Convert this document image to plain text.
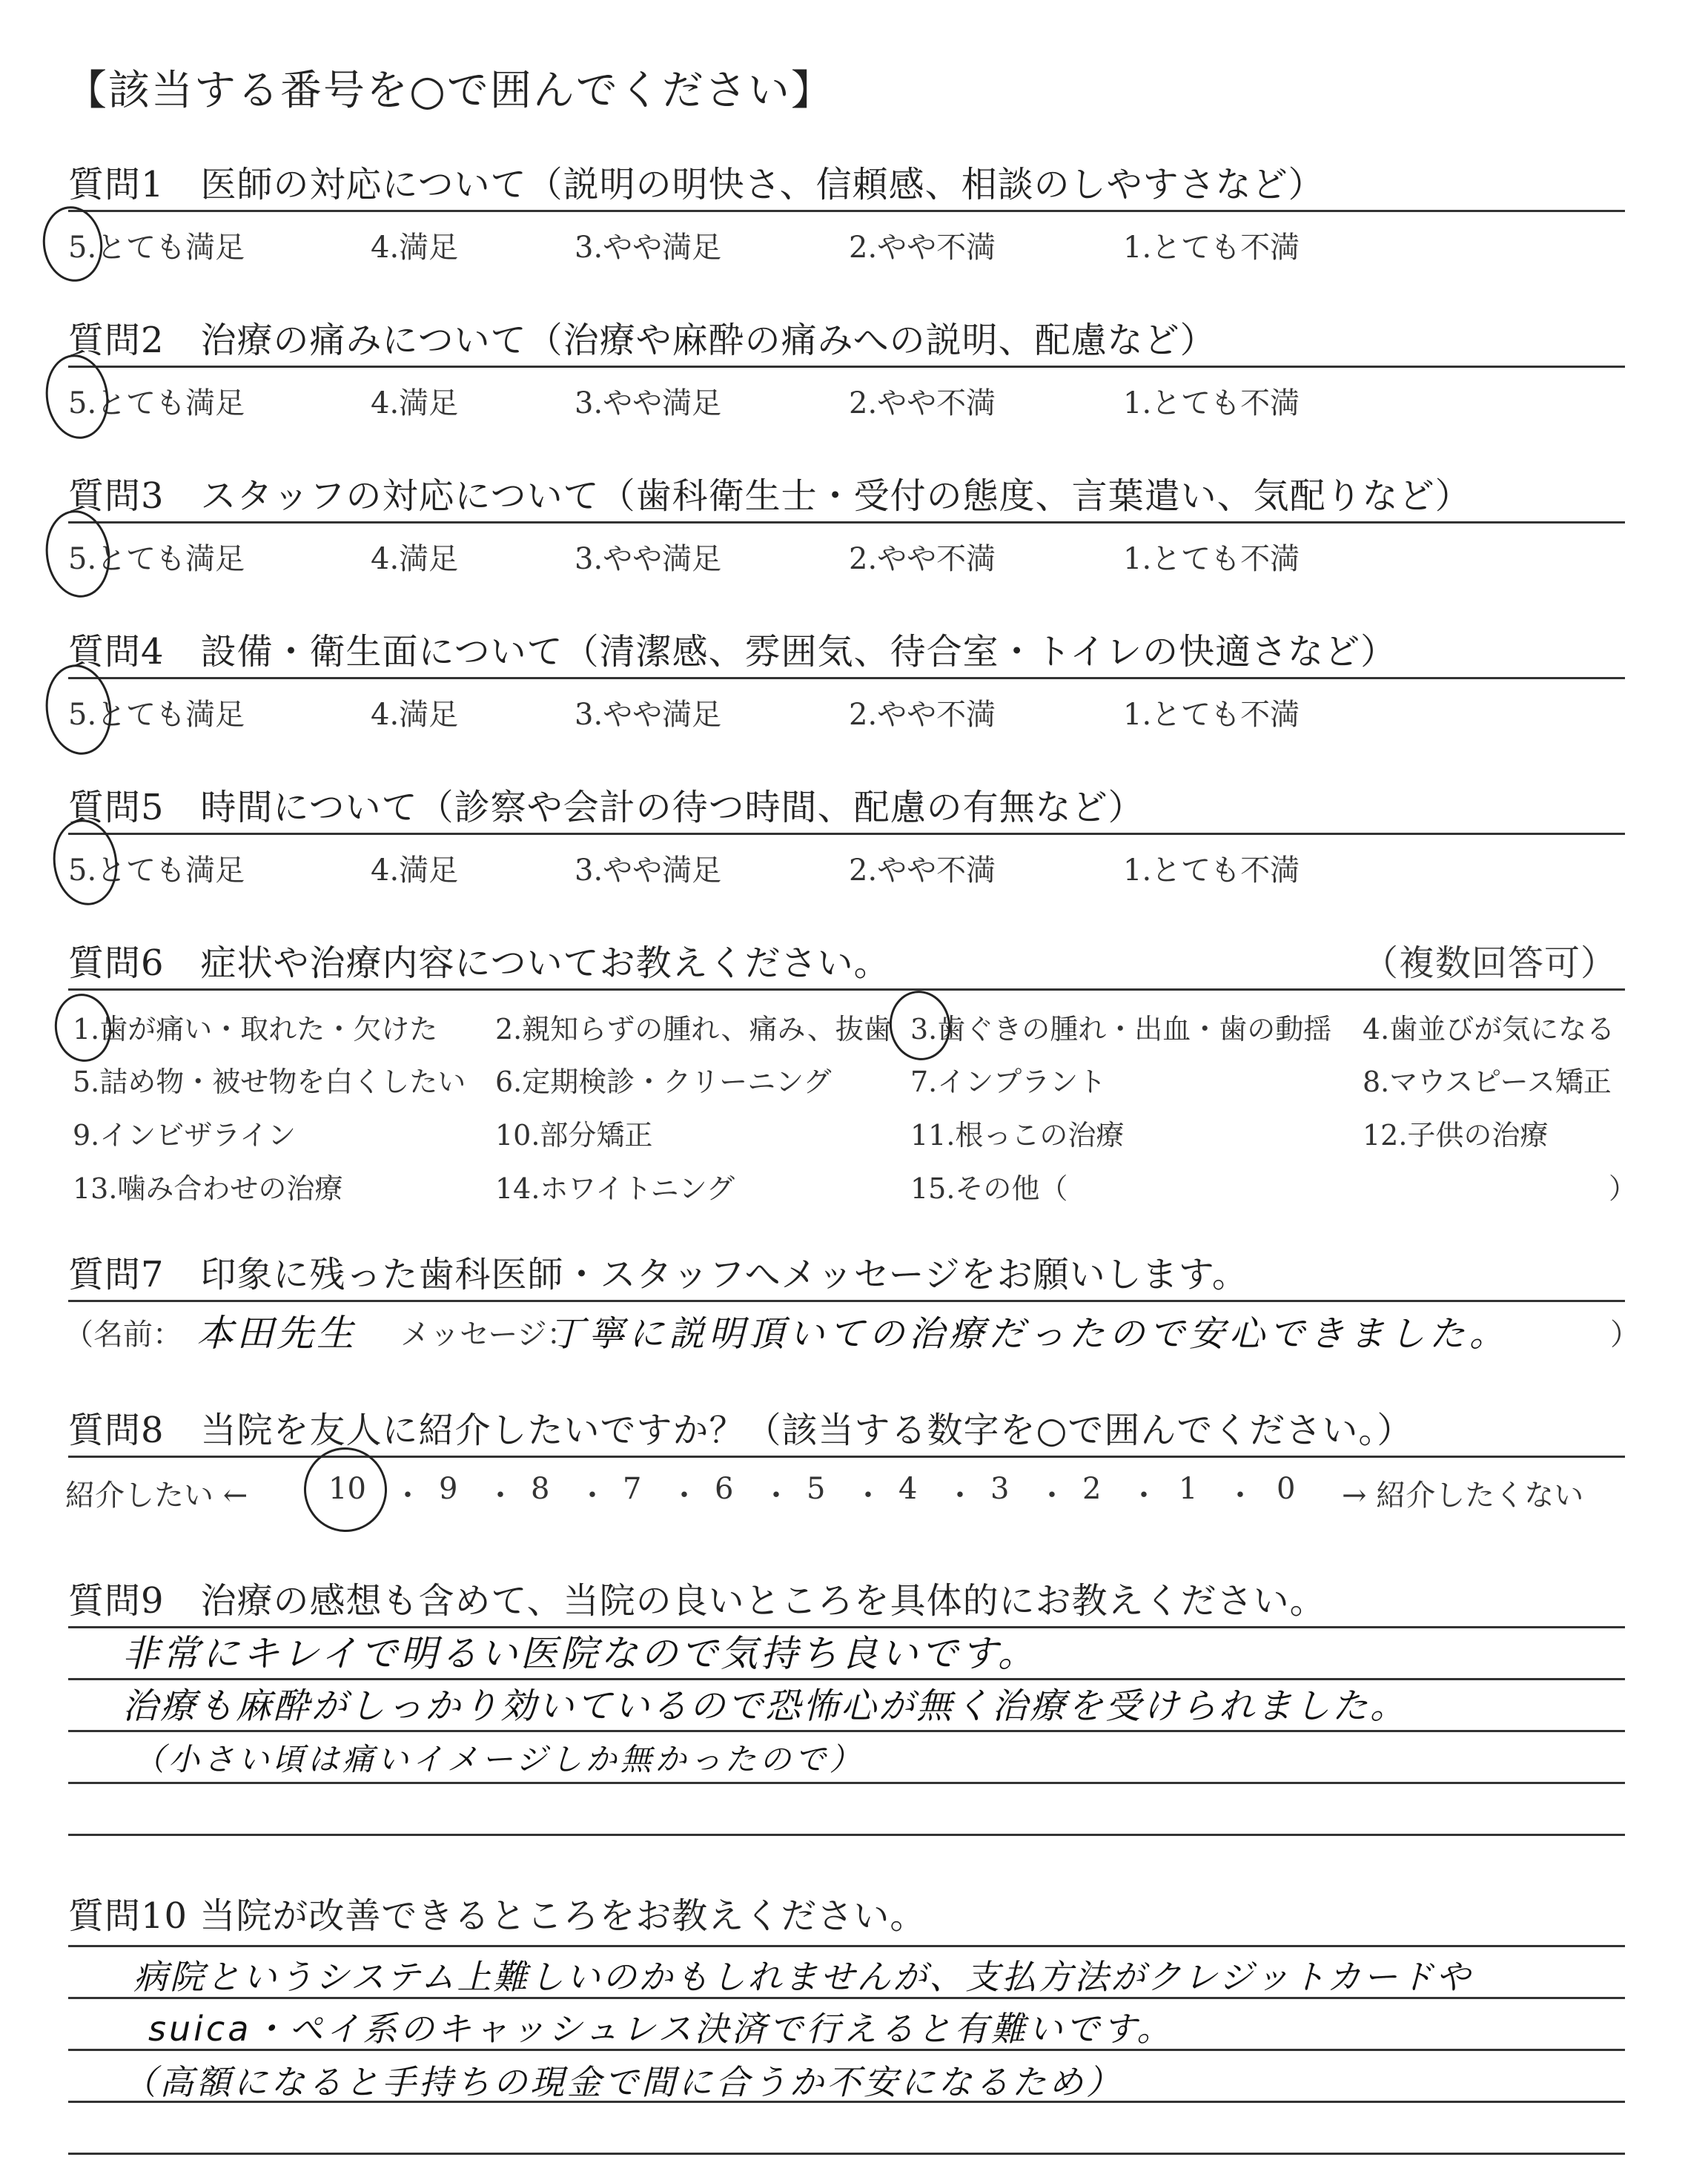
【該当する番号を○で囲んでください】
質問1　医師の対応について（説明の明快さ、信頼感、相談のしやすさなど）
5.とても満足	4.満足	3.やや満足	2.やや不満	1.とても不満
質問2　治療の痛みについて（治療や麻酔の痛みへの説明、配慮など）
5.とても満足	4.満足	3.やや満足	2.やや不満	1.とても不満
質問3　スタッフの対応について（歯科衛生士・受付の態度、言葉遣い、気配りなど）
5.とても満足	4.満足	3.やや満足	2.やや不満	1.とても不満
質問4　設備・衛生面について（清潔感、雰囲気、待合室・トイレの快適さなど）
5.とても満足	4.満足	3.やや満足	2.やや不満	1.とても不満
質問5　時間について（診察や会計の待つ時間、配慮の有無など）
5.とても満足	4.満足	3.やや満足	2.やや不満	1.とても不満
質問6　症状や治療内容についてお教えください。	（複数回答可）
1.歯が痛い・取れた・欠けた 2.親知らずの腫れ、痛み、抜歯 3.歯ぐきの腫れ・出血・歯の動揺 4.歯並びが気になる
5.詰め物・被せ物を白くしたい 6.定期検診・クリーニング	7.インプラント	8.マウスピース矯正
9.インビザライン	10.部分矯正	11.根っこの治療	12.子供の治療
13.噛み合わせの治療	14.ホワイトニング	15.その他（	）
質問7　印象に残った歯科医師・スタッフへメッセージをお願いします。
（名前： 本田先生 メッセージ：
丁寧に説明頂いての治療だったので安心できました。	）
質問8　当院を友人に紹介したいですか？（該当する数字を○で囲んでください。）
紹介したい ←	10 ・ 9 ・ 8 ・ 7 ・ 6 ・ 5 ・ 4 ・ 3 ・ 2 ・ 1 ・ 0 → 紹介したくない
質問9　治療の感想も含めて、当院の良いところを具体的にお教えください。
非常にキレイで明るい医院なので気持ち良いです。
治療も麻酔がしっかり効いているので恐怖心が無く治療を受けられました。
（小さい頃は痛いイメージしか無かったので）
質問10 当院が改善できるところをお教えください。
病院というシステム上難しいのかもしれませんが、支払方法がクレジットカードや
suica・ペイ系のキャッシュレス決済で行えると有難いです。
（高額になると手持ちの現金で間に合うか不安になるため）
